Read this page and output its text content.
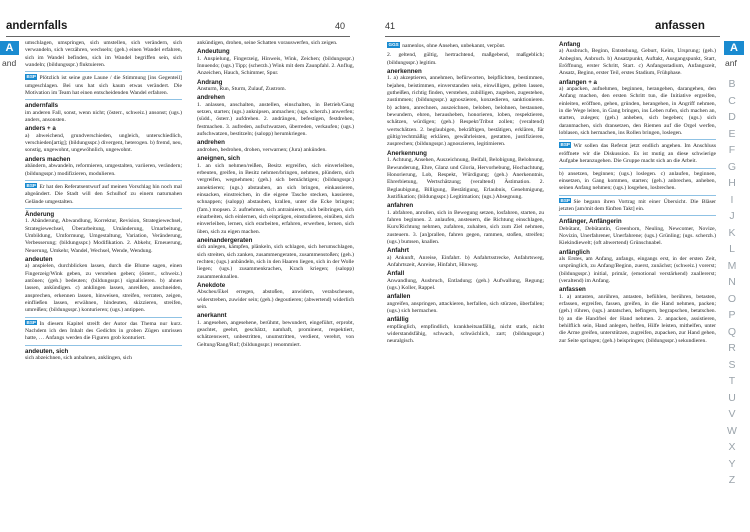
andernfalls	40
A
and
umschlagen, umspringen, sich umstellen, sich verändern, sich verwandeln, sich verzähren, wechseln; (geh.) einen Wandel erfahren, sich im Wandel befinden, sich im Wandel begriffen sein, sich wandeln; (bildungsspr.) fluktuieren.
BSP Plötzlich ist seine gute Laune / die Stimmung [ins Gegenteil] umgeschlagen. Bei uns hat sich kaum etwas verändert. Die Motivation im Team hat einen entscheidenden Wandel erfahren.
andernfalls
im anderen Fall, sonst, wenn nicht; (österr., schweiz.) ansonst; (ugs.) anders, ansonsten.
anders + a
a) abweichend, grundverschieden, ungleich, unterschiedlich, verschieden[artig]; (bildungsspr.) divergent, heterogen. b) fremd, neu, sonstig, ungewohnt, ungewöhnlich, ungewohnt.
anders machen
abändern, abwandeln, reformieren, umgestalten, variieren, verändern; (bildungsspr.) modifizieren, modulieren.
BSP Er hat den Referatsentwurf auf meinen Vorschlag hin noch mal abgeändert. Die Stadt will den Schulhof zu einem naturnahen Gelände umgestalten.
Änderung
1. Abänderung, Abwandlung, Korrektur, Revision, Strategiewechsel, Strategiewechsel, Überarbeitung, Umänderung, Umarbeitung, Umbildung, Umformung, Umgestaltung, Variation, Veränderung, Verbesserung; (bildungsspr.) Modifikation. 2. Abkehr, Erneuerung, Neuerung, Umkehr, Wandel, Wechsel, Wende, Wendung.
andeuten
a) anspielen, durchblicken lassen, durch die Blume sagen, einen Fingerzeig/Wink geben, zu verstehen geben; (österr., schweiz.) antönen; (geh.) bedeuten; (bildungsspr.) signalisieren. b) ahnen lassen, ankündigen. c) anklingen lassen, anreißen, anschneiden, ansprechen, erkennen lassen, hinweisen, streifen, verraten, zeigen, einfließen lassen, erwähnen, hindeuten, skizzieren, streifen, umreißen; (bildungsspr.) konturieren; (ugs.) antippen.
BSP In diesem Kapitel streift der Autor das Thema nur kurz. Nachdem ich den Inhalt des Gedichts in groben Zügen umrissen hatte, … Anfangs werden die Figuren grob konturiert.
andeuten, sich
sich abzeichnen, sich anbahnen, anklingen, sich
ankündigen, drohen, seine Schatten vorauswerfen, sich zeigen.
Andeutung
1. Anspielung, Fingerzeig, Hinweis, Wink, Zeichen; (bildungsspr.) Innuendo; (ugs.) Tipp; (scherzh.) Wink mit dem Zaunpfahl. 2. Anflug, Anzeichen, Hauch, Schimmer, Spur.
Andrang
Ansturm, Run, Sturm, Zulauf, Zustrom.
andrehen
1. anlassen, anschalten, anstellen, einschalten, in Betrieb/Gang setzen, starten; (ugs.) anknipsen, anmachen; (ugs. scherzh.) anwerfen; (südd., österr.) aufdrehen. 2. andrängen, befestigen, festdrehen, festmachen. 3. aufreden, aufschwatzen, überreden, verkaufen; (ugs.) aufschwatzen, bestitzeln; (salopp) herumkriegen.
andrehen
androhen, bedrohen, drohen, verwarnen; (Jura) ankünden.
aneignen, sich
1. an sich nehmen/reißen, Besitz ergreifen, sich einverleiben, erbeuten, greifen, in Besitz nehmen/bringen, nehmen, plündern, sich vergreifen, wegnehmen; (geh.) sich bemächtigen; (bildungsspr.) annektieren; (ugs.) abstauben, an sich bringen, einkassieren, einsacken, einstreichen, in die eigene Tasche stecken, kassieren, schnappen; (salopp) abstauben, krallen, unter die Ecke bringen; (fam.) mopsen. 2. aufnehmen, sich antrainieren, sich beibringen, sich einarbeiten, sich einlernen, sich einprägen, einstudieren, einüben, sich einverleiben, lernen, sich erarbeiten, erfahren, erwerben, lernen, sich üben, sich zu eigen machen.
aneinandergeraten
sich anlegen, kämpfen, plänkeln, sich schlagen, sich herumschlagen, sich streiten, sich zanken, zusammengeraten, zusammenstoßen; (geh.) rechten; (ugs.) anbändeln, sich in den Haaren liegen, sich in der Wolle liegen; (ugs.) zusammenkrachen, Krach kriegen; (salopp) zusammenknallen.
Anekdote
Abscheu/Ekel erregen, abstoßen, anwidern, verabscheuen, widerstreben, zuwider sein; (geh.) degoutieren; (abwertend) widerlich sein.
anerkannt
1. angesehen, angesehene, berühmt, bewundert, eingeführt, erprobt, geachtet, geehrt, geschätzt, namhaft, prominent, respektiert, schätzenswert, unbestritten, unumstritten, verdient, verehrt, von Geltung/Rang/Ruf; (bildungsspr.) renommiert.
41	anfassen
A
anf
GGS namenlos, ohne Ansehen, unbekannt, verpönt.
2. geltend, gültig, hertrachtend, maßgebend, maßgeblich; (bildungsspr.) legitim.
anerkennen
1. a) akzeptieren, annehmen, befürworten, beipflichten, bestimmen, bejahen, beistimmen, einverstanden sein, einwilligen, gelten lassen, gutheißen, richtig finden, verstehen, zubilligen, zugeben, zugestehen, zustimmen; (bildungsspr.) agnoszieren, konzedieren, sanktionieren. b) achten, anrechnen, auszeichnen, beloben, belohnen, bestaunen, bewundern, ehren, herausheben, honorieren, loben, respektieren, schätzen, würdigen; (geh.) Respekt/Tribut zollen; (veraltend) wertschätzen. 2. beglaubigen, bekräftigen, bestätigen, erklären, für gültig/rechtmäßig erklären, gewährleisten, gestatten, justifizieren, zusprechen; (bildungsspr.) agnoszieren, legitimieren.
Anerkennung
1. Achtung, Ansehen, Auszeichnung, Beifall, Belobigung, Belohnung, Bewunderung, Ehre, Glanz und Gloria, Hervorhebung, Hochachtung, Honorierung, Lob, Respekt, Würdigung; (geh.) Anerkenntnis, Ehrerbietung, Wertschätzung; (veraltend) Ästimation. 2. Beglaubigung, Billigung, Bestätigung, Erlaubnis, Genehmigung, Justifikation; (bildungsspr.) Legitimation; (ugs.) Absegnung.
anfahren
1. abfahren, anrollen, sich in Bewegung setzen, losfahren, starten, zu fahren beginnen. 2. anlaufen, ansteuern, die Richtung einschlagen, Kurs/Richtung nehmen, zufahren, zuhalten, sich zum Ziel nehmen, zusteuern. 3. [an]prallen, fahren gegen, rammen, stoßen, streifen; (ugs.) bumsen, knallen.
Anfahrt
a) Ankunft, Anreise, Einfahrt. b) Anfahrtsstrecke, Anfahrtsweg, Anfahrtszeit, Anreise, Hinfahrt, Hinweg.
Anfall
Anwandlung, Ausbruch, Entladung; (geh.) Aufwallung, Regung; (ugs.) Koller, Rappel.
anfallen
angreifen, anspringen, attackieren, herfallen, sich stürzen, überfallen; (ugs.) sich hermachen.
anfällig
empfänglich, empfindlich, krankheitsanfällig, nicht stark, nicht widerstandsfähig, schwach, schwächlich, zart; (bildungsspr.) neuralgisch.
Anfang
a) Ausbruch, Beginn, Entstehung, Geburt, Keim, Ursprung; (geh.) Anbeginn, Anbruch. b) Ansatzpunkt, Auftakt, Ausgangspunkt, Start, Eröffnung, erster Schritt, Start. c) Anfangsstadium, Anfangszeit, Ansatz, Beginn, erster Teil, erstes Stadium, Frühphase.
anfangen + a
a) anpacken, aufnehmen, beginnen, herangehen, darangehen, den Anfang machen, den ersten Schritt tun, die Initiative ergreifen, einleiten, eröffnen, gehen, gründen, herangehen, in Angriff nehmen, in die Wege leiten, in Gang bringen, ins Leben rufen, sich machen an, starten, zulegen; (geh.) anheben, sich begeben; (ugs.) sich daranmachen, sich dransetzen, den Riemen auf die Orgel werfen, loblasen, sich hermachen, ins Rollen bringen, loslegen.
BSP Wir sollen das Referat jetzt endlich angehen. Im Anschluss eröffnete wir die Diskussion. Es ist mutig an diese schwierige Aufgabe heranzugehen. Die Gruppe macht sich an die Arbeit.
b) ansetzen, beginnen; (ugs.) loslegen. c) anlaufen, beginnen, einsetzen, in Gang kommen, starten; (geh.) anbrechen, anheben, seinen Anfang nehmen; (ugs.) losgehen, losbrechen.
BSP Sie begann ihren Vortrag mit einer Übersicht. Die Bläser jetzten [am/mit dem fünften Takt] ein.
Anfänger, Anfängerin
Debütant, Debütantin, Greenhorn, Neuling, Newcomer, Novize, Novizin, Unerfahrener, Unerfahrene; (ugs.) Grünling; (ugs. scherzh.) Kiekindiewelt; (oft abwertend) Grünschnabel.
anfänglich
als Erstes, am Anfang, anfangs, eingangs erst, in der ersten Zeit, ursprünglich, zu Anfang/Beginn, zuerst, zunächst; (schweiz.) vorerst; (bildungsspr.) initial, primär, (emotional verstärkend) zuallererst; (veraltend) im Anfang.
anfassen
1. a) antasten, anrühren, antasten, befühlen, berühren, betasten, erfassen, ergreifen, fassen, greifen, in die Hand nehmen, packen; (geh.) rühren, (ugs.) antatschen, befingern, begrapschen, betatschen. b) an die Hand/bei der Hand nehmen. 2. anpacken, assistieren, behilflich sein, Hand anlegen, helfen, Hilfe leisten, mithelfen, unter die Arme greifen, unterstützen, zugreifen, zupacken, zur Hand gehen, zur Seite springen; (geh.) beispringen; (bildungsspr.) sekundieren.
B
C
D
E
F
G
H
I
J
K
L
M
N
O
P
Q
R
S
T
U
V
W
X
Y
Z
